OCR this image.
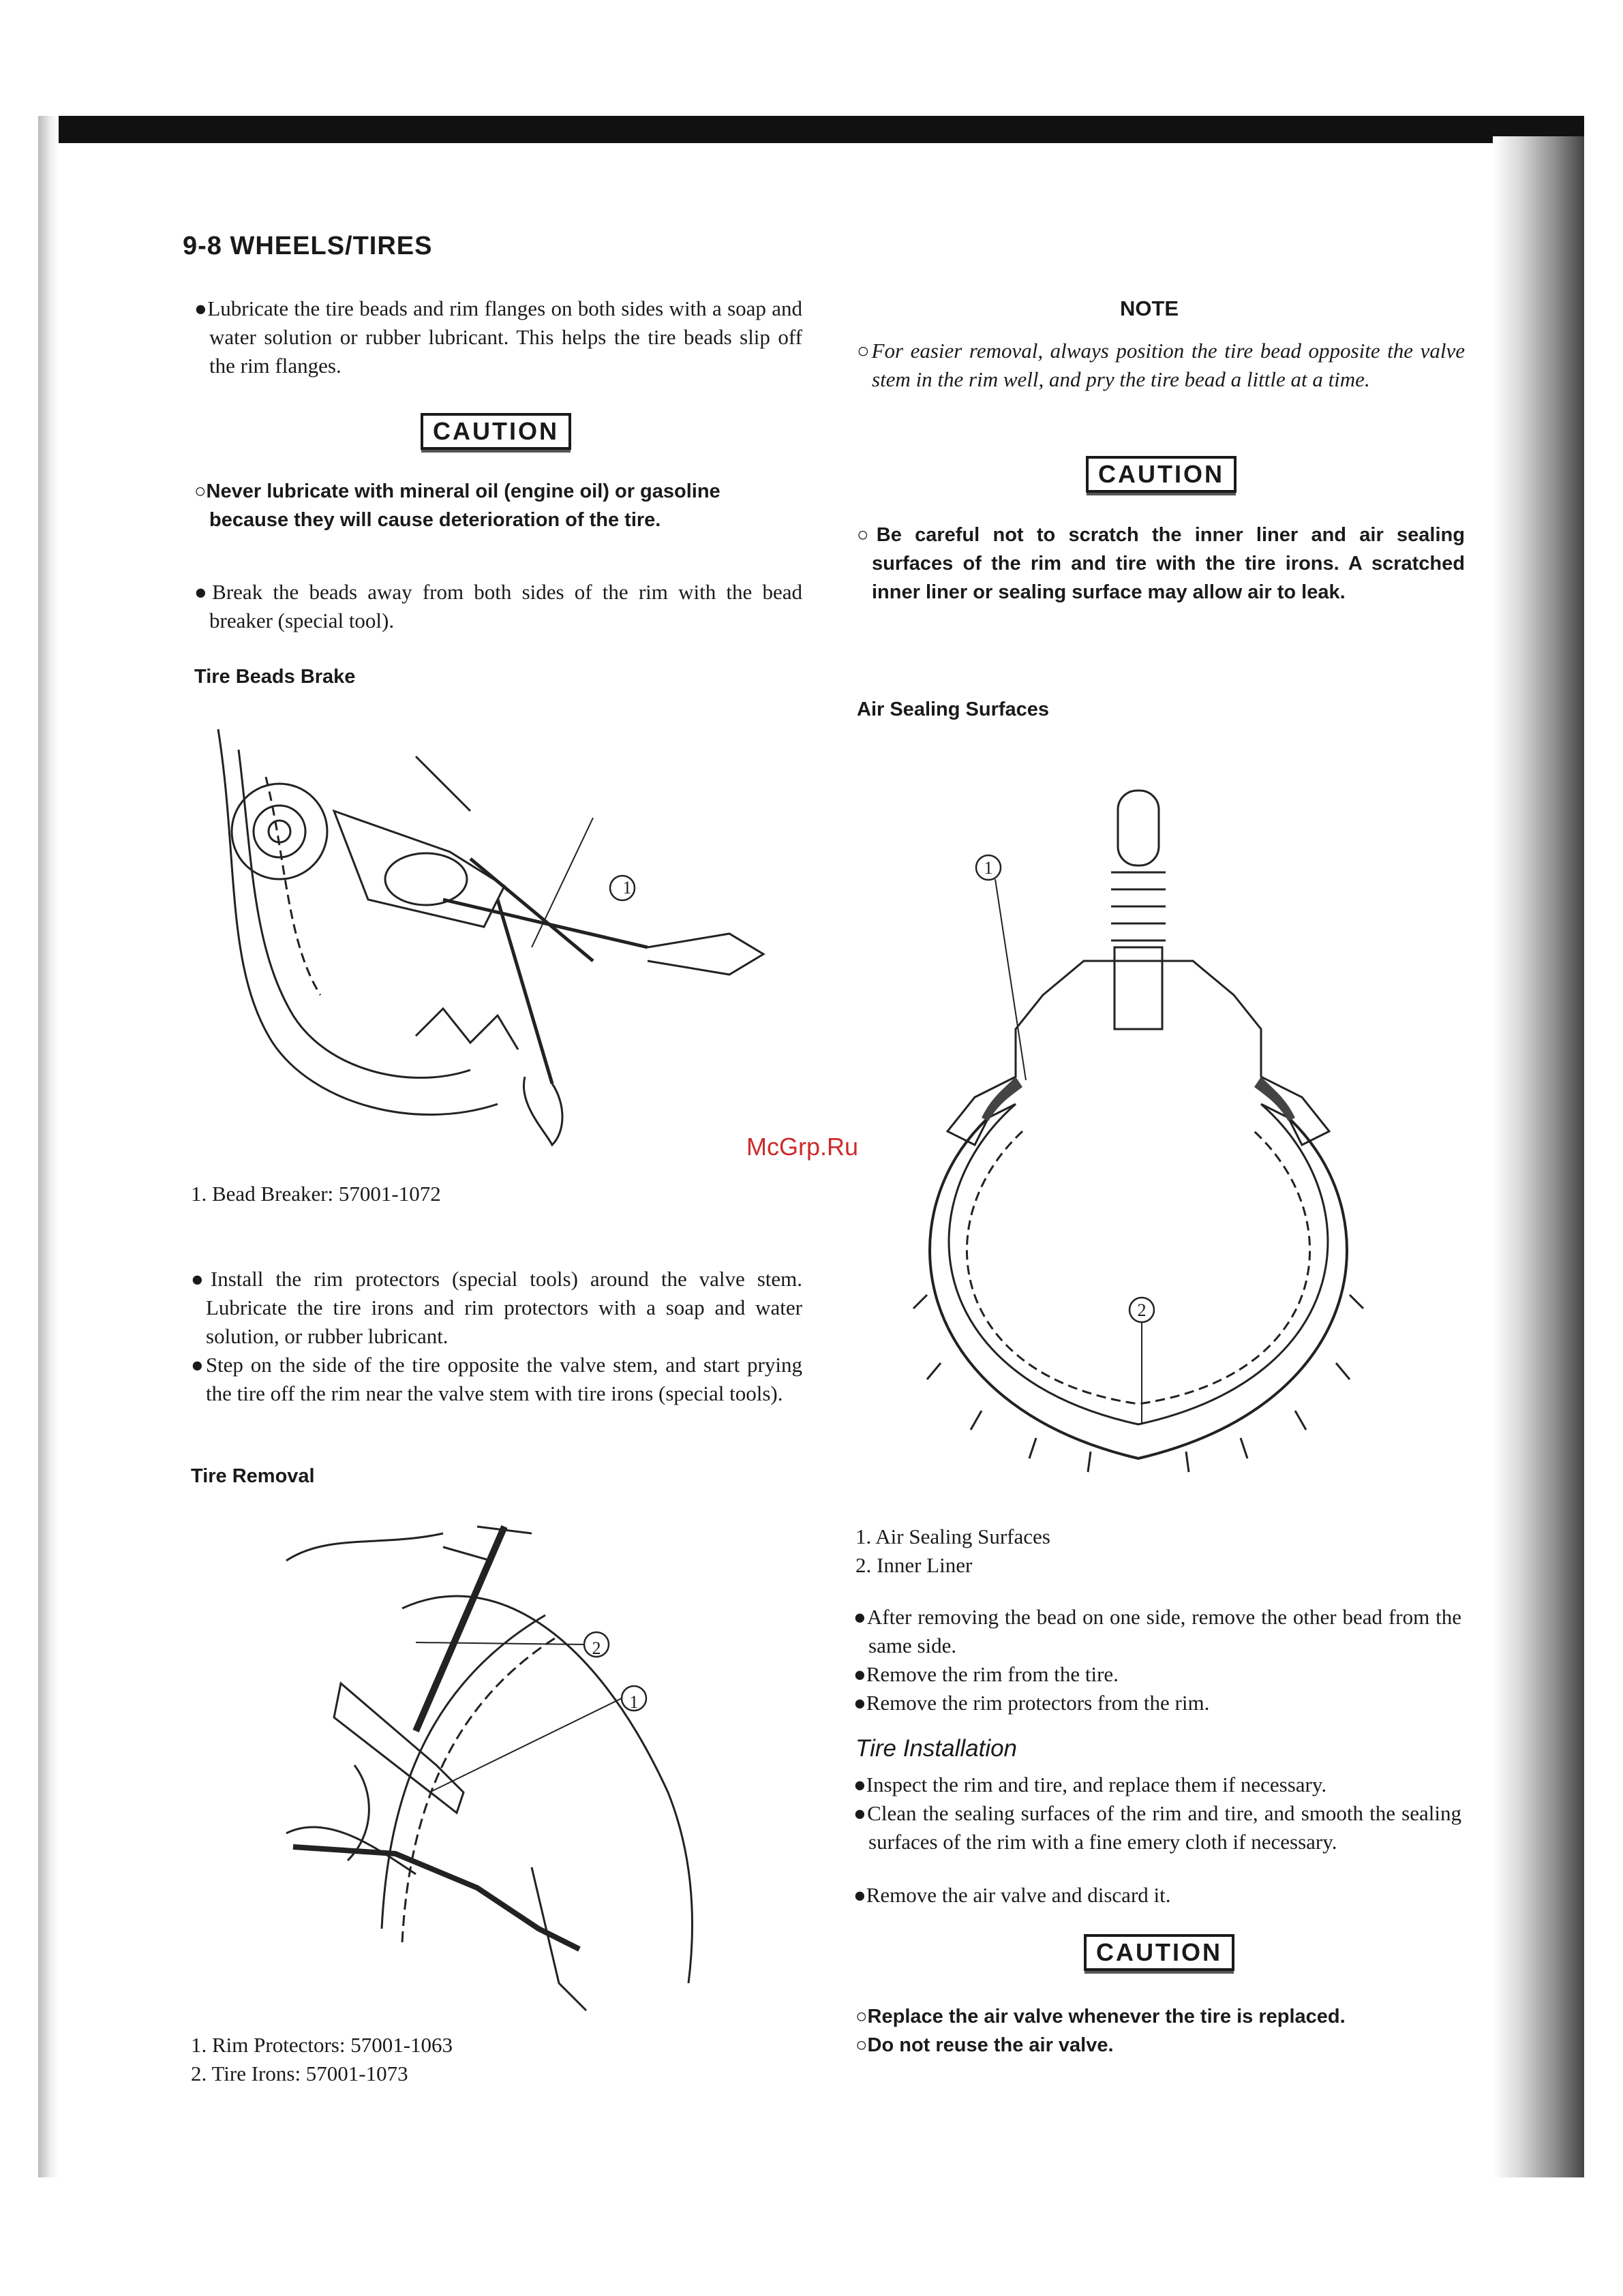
9-8 WHEELS/TIRES
●Lubricate the tire beads and rim flanges on both sides with a soap and water solution or rubber lubricant. This helps the tire beads slip off the rim flanges.
CAUTION
○Never lubricate with mineral oil (engine oil) or gasoline because they will cause deterioration of the tire.
●Break the beads away from both sides of the rim with the bead breaker (special tool).
Tire Beads Brake
1
1. Bead Breaker: 57001-1072
●Install the rim protectors (special tools) around the valve stem. Lubricate the tire irons and rim protectors with a soap and water solution, or rubber lubricant.
●Step on the side of the tire opposite the valve stem, and start prying the tire off the rim near the valve stem with tire irons (special tools).
Tire Removal
2
1
1. Rim Protectors: 57001-1063
2. Tire Irons: 57001-1073
NOTE
○For easier removal, always position the tire bead opposite the valve stem in the rim well, and pry the tire bead a little at a time.
CAUTION
○Be careful not to scratch the inner liner and air sealing surfaces of the rim and tire with the tire irons. A scratched inner liner or sealing surface may allow air to leak.
Air Sealing Surfaces
1
2
1. Air Sealing Surfaces
2. Inner Liner
●After removing the bead on one side, remove the other bead from the same side.
●Remove the rim from the tire.
●Remove the rim protectors from the rim.
Tire Installation
●Inspect the rim and tire, and replace them if necessary.
●Clean the sealing surfaces of the rim and tire, and smooth the sealing surfaces of the rim with a fine emery cloth if necessary.
●Remove the air valve and discard it.
CAUTION
○Replace the air valve whenever the tire is replaced.
○Do not reuse the air valve.
McGrp.Ru
